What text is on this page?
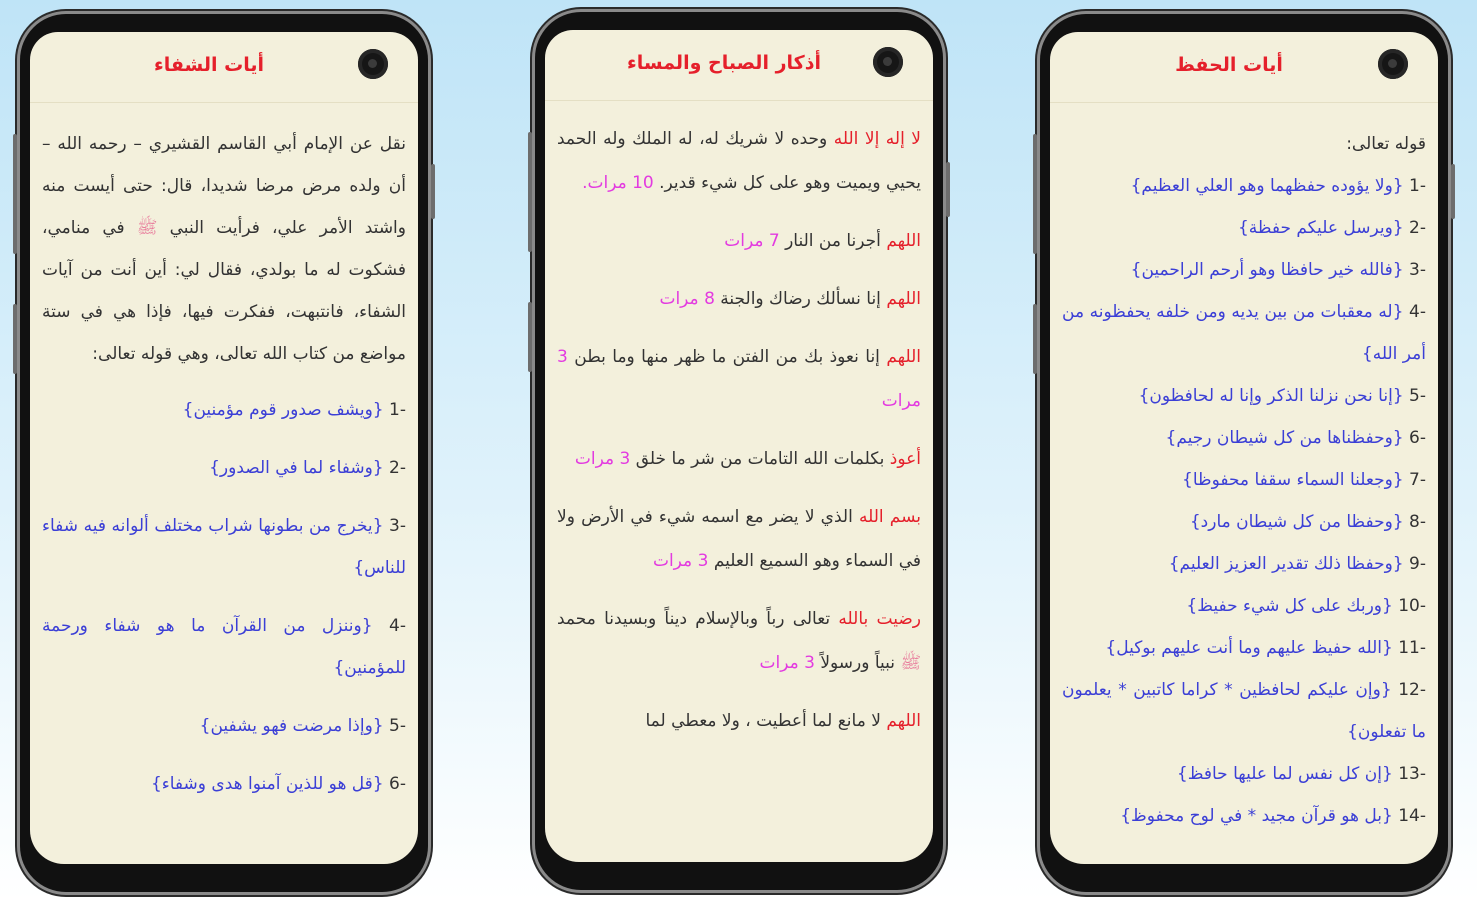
أيات الشفاء

نقل عن الإمام أبي القاسم القشيري – رحمه الله – أن ولده مرض مرضا شديدا، قال: حتى أيست منه واشتد الأمر علي، فرأيت النبي ﷺ في منامي، فشكوت له ما بولدي، فقال لي: أين أنت من آيات الشفاء، فانتبهت، ففكرت فيها، فإذا هي في ستة مواضع من كتاب الله تعالى، وهي قوله تعالى:

-1 {ويشف صدور قوم مؤمنين}

-2 {وشفاء لما في الصدور}

-3 {يخرج من بطونها شراب مختلف ألوانه فيه شفاء للناس}

-4 {وننزل من القرآن ما هو شفاء ورحمة للمؤمنين}

-5 {وإذا مرضت فهو يشفين}

-6 {قل هو للذين آمنوا هدى وشفاء}

أذكار الصباح والمساء

لا إله إلا الله وحده لا شريك له، له الملك وله الحمد يحيي ويميت وهو على كل شيء قدير. 10 مرات.

اللهم أجرنا من النار 7 مرات

اللهم إنا نسألك رضاك والجنة 8 مرات

اللهم إنا نعوذ بك من الفتن ما ظهر منها وما بطن 3 مرات

أعوذ بكلمات الله التامات من شر ما خلق 3 مرات

بسم الله الذي لا يضر مع اسمه شيء في الأرض ولا في السماء وهو السميع العليم 3 مرات

رضيت بالله تعالى رباً وبالإسلام ديناً وبسيدنا محمد ﷺ نبياً ورسولاً 3 مرات

اللهم لا مانع لما أعطيت ، ولا معطي لما

أيات الحفظ

قوله تعالى:

-1 {ولا يؤوده حفظهما وهو العلي العظيم}

-2 {ويرسل عليكم حفظة}

-3 {فالله خير حافظا وهو أرحم الراحمين}

-4 {له معقبات من بين يديه ومن خلفه يحفظونه من أمر الله}

-5 {إنا نحن نزلنا الذكر وإنا له لحافظون}

-6 {وحفظناها من كل شيطان رجيم}

-7 {وجعلنا السماء سقفا محفوظا}

-8 {وحفظا من كل شيطان مارد}

-9 {وحفظا ذلك تقدير العزيز العليم}

-10 {وربك على كل شيء حفيظ}

-11 {الله حفيظ عليهم وما أنت عليهم بوكيل}

-12 {وإن عليكم لحافظين * كراما كاتبين * يعلمون ما تفعلون}

-13 {إن كل نفس لما عليها حافظ}

-14 {بل هو قرآن مجيد * في لوح محفوظ}
